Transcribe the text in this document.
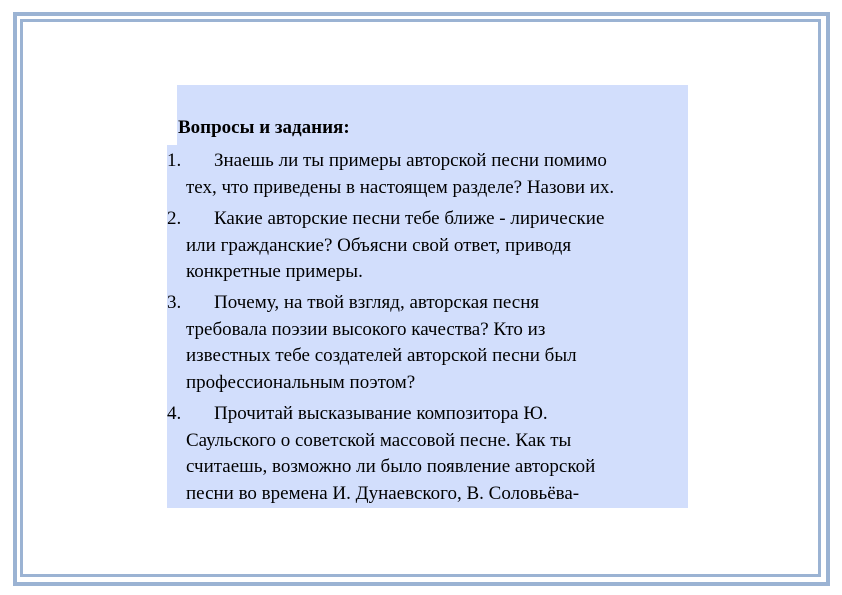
Вопросы и задания:
1. Знаешь ли ты примеры авторской песни помимо
тех, что приведены в настоящем разделе? Назови их.
2. Какие авторские песни тебе ближе - лирические
или гражданские? Объясни свой ответ, приводя
конкретные примеры.
3. Почему, на твой взгляд, авторская песня
требовала поэзии высокого качества? Кто из
известных тебе создателей авторской песни был
профессиональным поэтом?
4. Прочитай высказывание композитора Ю.
Саульского о советской массовой песне. Как ты
считаешь, возможно ли было появление авторской
песни во времена И. Дунаевского, В. Соловьёва-
